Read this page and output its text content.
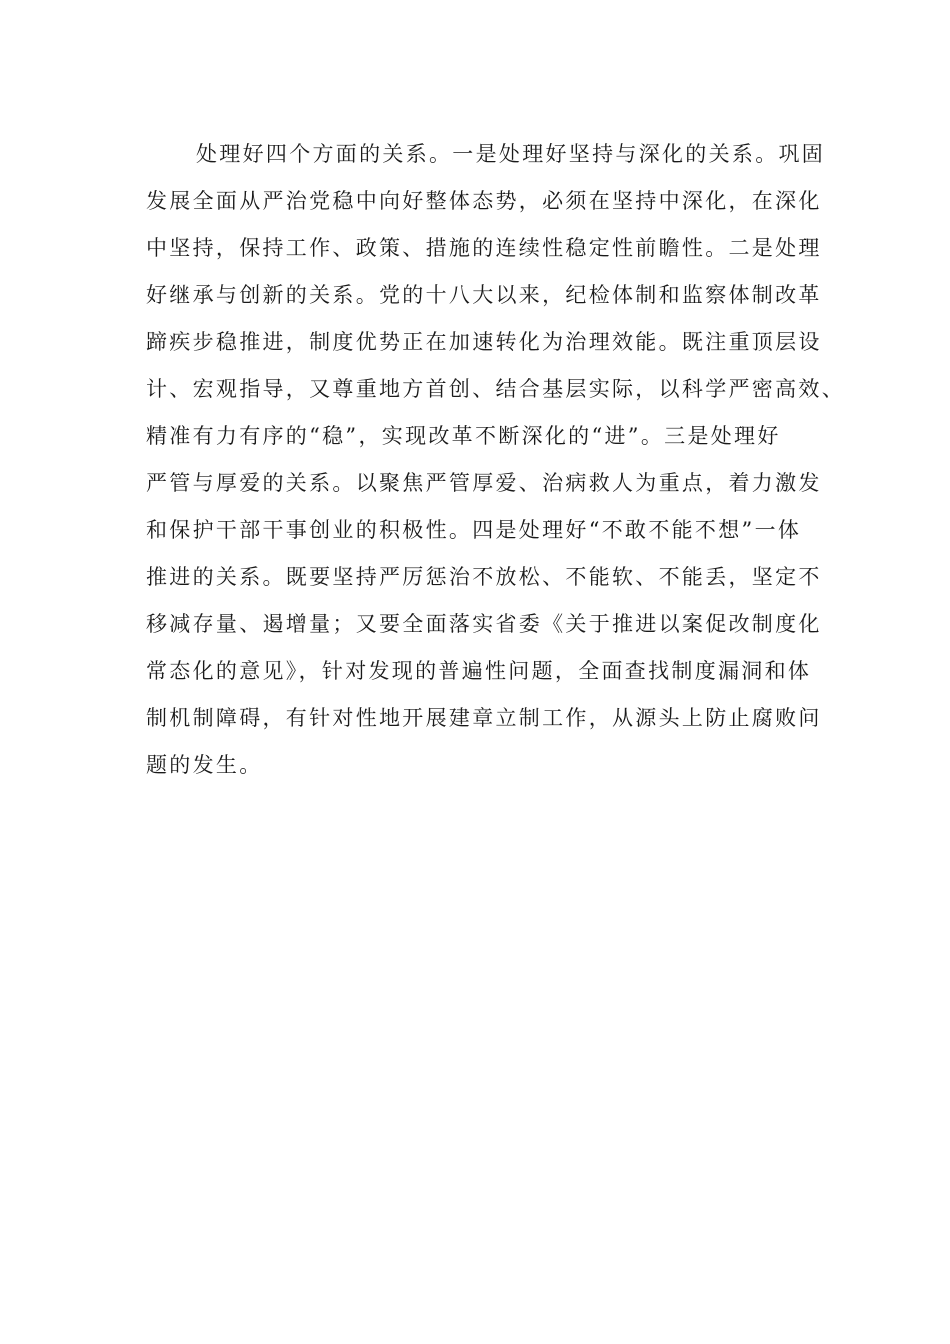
处理好四个方面的关系。一是处理好坚持与深化的关系。巩固
发展全面从严治党稳中向好整体态势，必须在坚持中深化，在深化
中坚持，保持工作、政策、措施的连续性稳定性前瞻性。二是处理
好继承与创新的关系。党的十八大以来，纪检体制和监察体制改革
蹄疾步稳推进，制度优势正在加速转化为治理效能。既注重顶层设
计、宏观指导，又尊重地方首创、结合基层实际，以科学严密高效、
精准有力有序的“稳”，实现改革不断深化的“进”。三是处理好
严管与厚爱的关系。以聚焦严管厚爱、治病救人为重点，着力激发
和保护干部干事创业的积极性。四是处理好“不敢不能不想”一体
推进的关系。既要坚持严厉惩治不放松、不能软、不能丢，坚定不
移减存量、遏增量；又要全面落实省委《关于推进以案促改制度化
常态化的意见》，针对发现的普遍性问题，全面查找制度漏洞和体
制机制障碍，有针对性地开展建章立制工作，从源头上防止腐败问
题的发生。
